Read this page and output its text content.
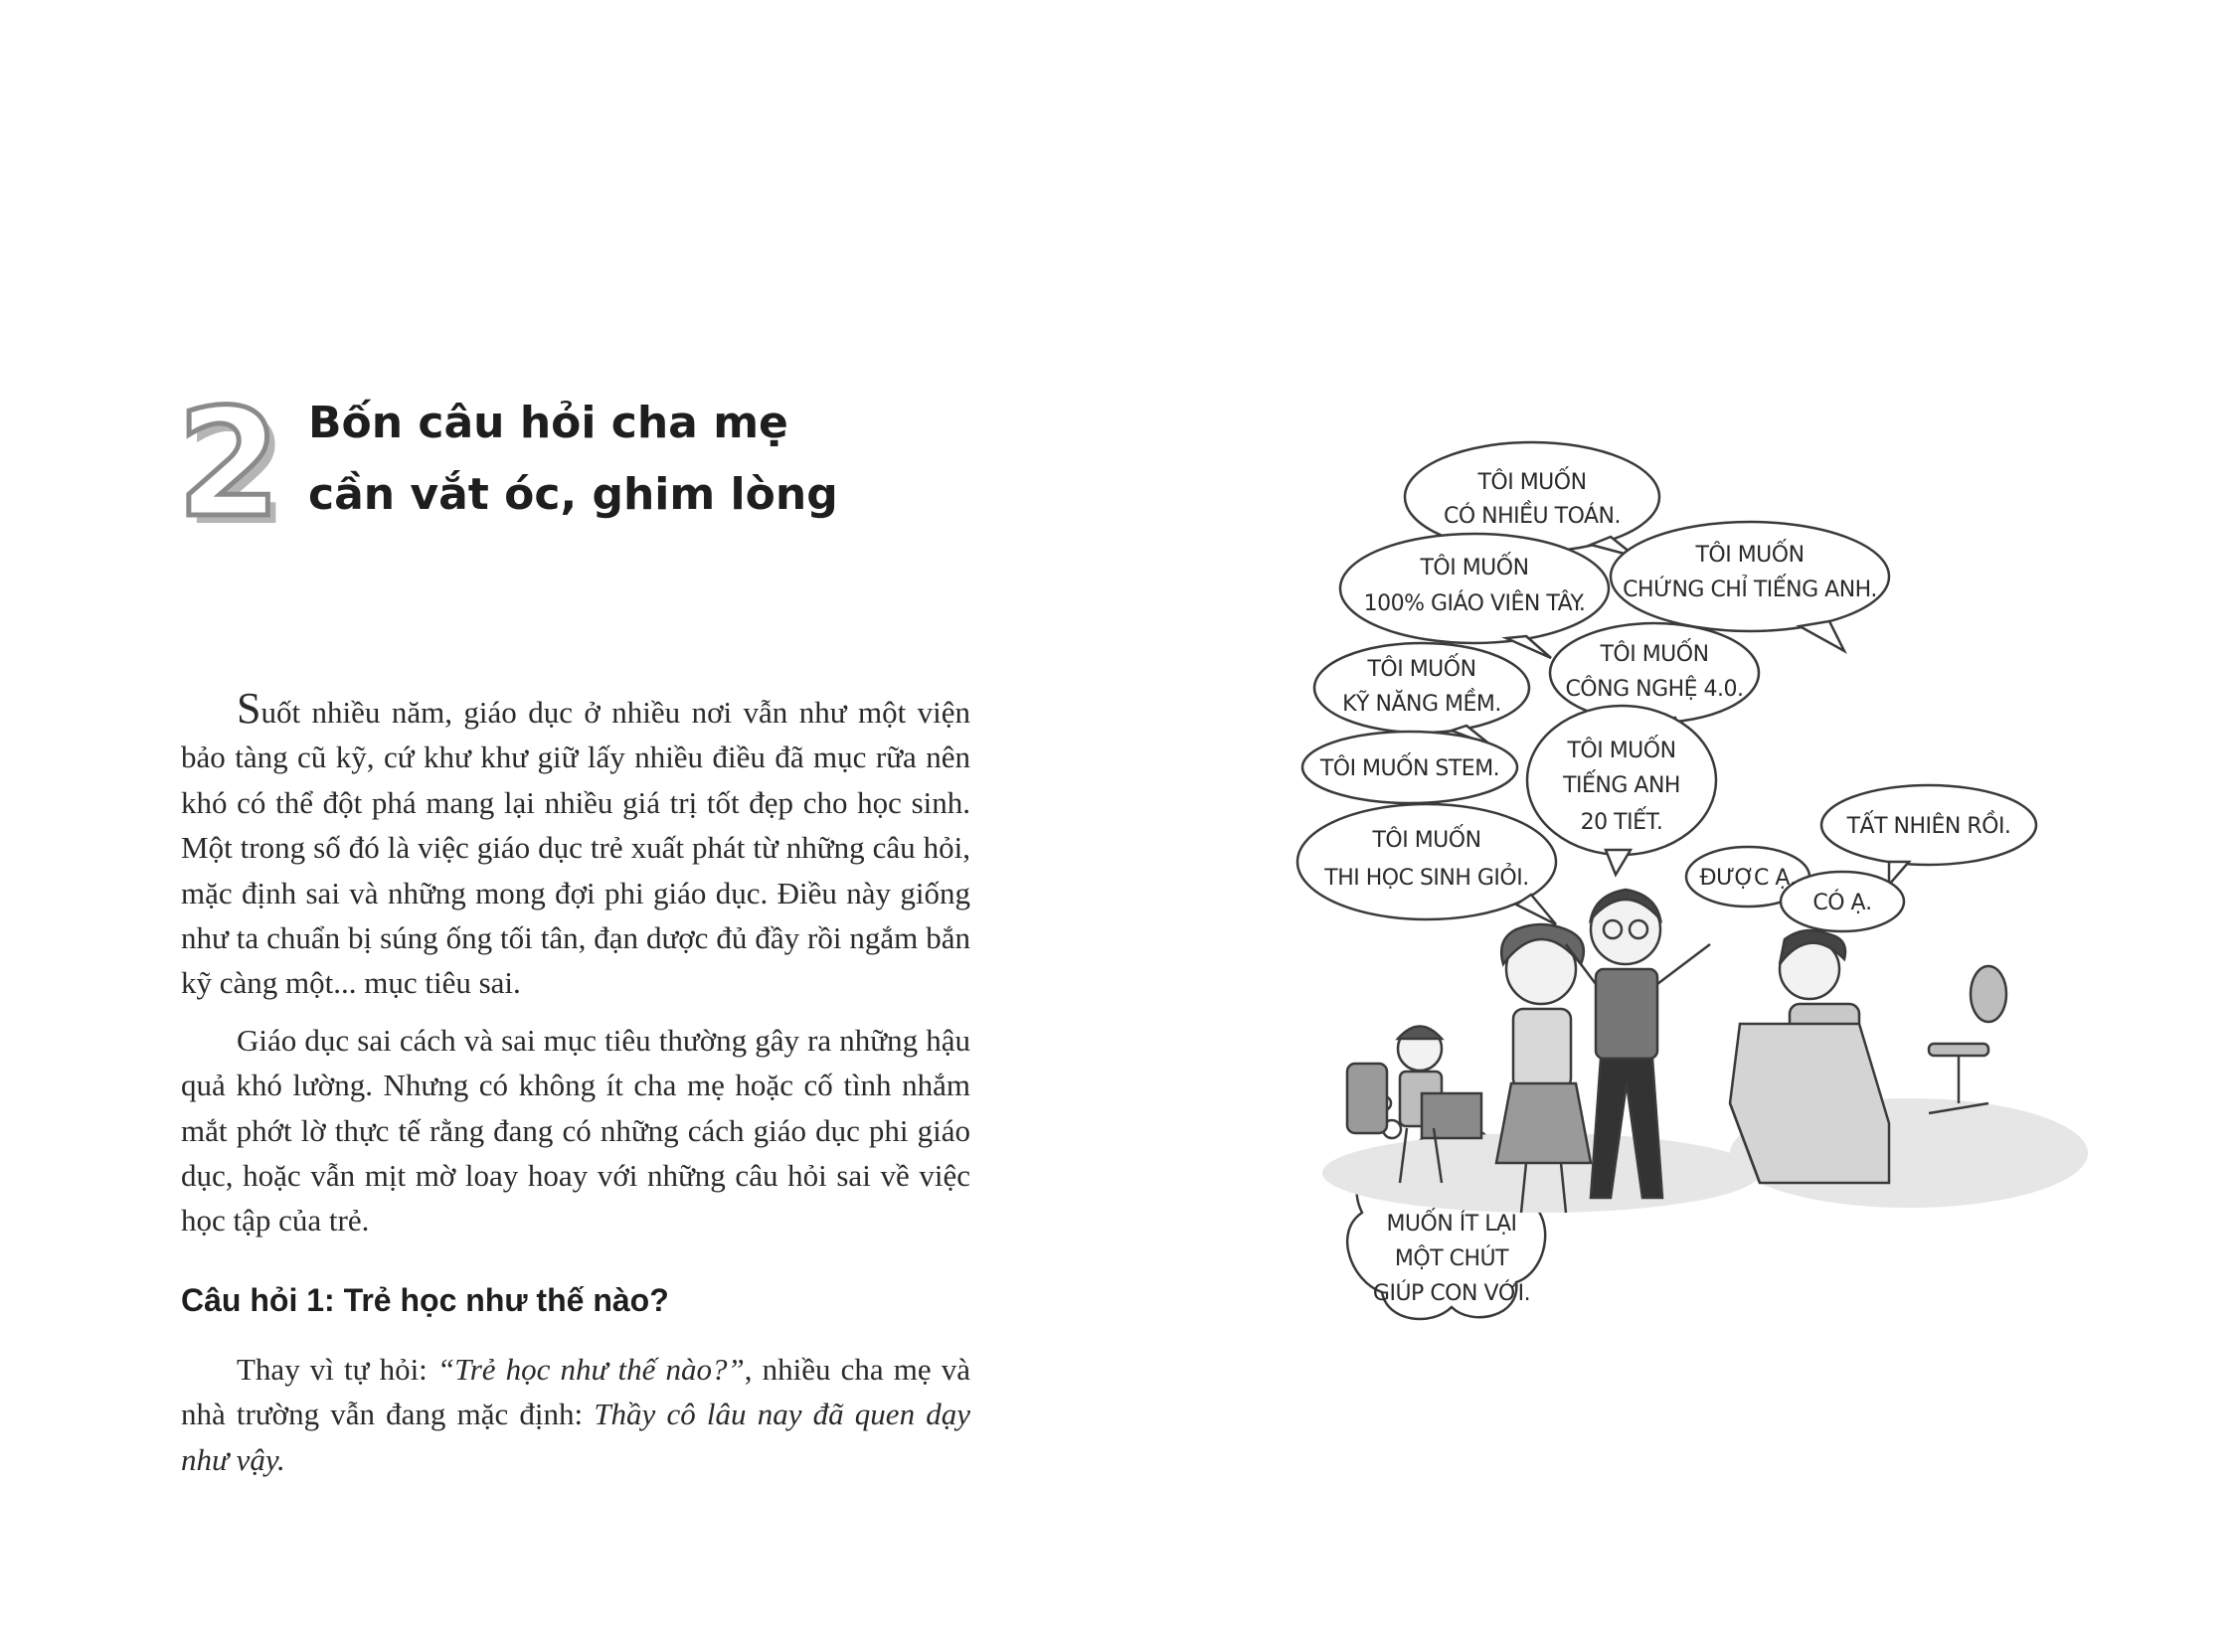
2 Bốn câu hỏi cha mẹ
cần vắt óc, ghim lòng

Suốt nhiều năm, giáo dục ở nhiều nơi vẫn như một viện bảo tàng cũ kỹ, cứ khư khư giữ lấy nhiều điều đã mục rữa nên khó có thể đột phá mang lại nhiều giá trị tốt đẹp cho học sinh. Một trong số đó là việc giáo dục trẻ xuất phát từ những câu hỏi, mặc định sai và những mong đợi phi giáo dục. Điều này giống như ta chuẩn bị súng ống tối tân, đạn dược đủ đầy rồi ngắm bắn kỹ càng một... mục tiêu sai.

Giáo dục sai cách và sai mục tiêu thường gây ra những hậu quả khó lường. Nhưng có không ít cha mẹ hoặc cố tình nhắm mắt phớt lờ thực tế rằng đang có những cách giáo dục phi giáo dục, hoặc vẫn mịt mờ loay hoay với những câu hỏi sai về việc học tập của trẻ.

Câu hỏi 1: Trẻ học như thế nào?

Thay vì tự hỏi: “Trẻ học như thế nào?”, nhiều cha mẹ và nhà trường vẫn đang mặc định: Thầy cô lâu nay đã quen dạy như vậy.

TÔI MUỐN
CÓ NHIỀU TOÁN.
TÔI MUỐN
CHỨNG CHỈ TIẾNG ANH.
TÔI MUỐN
100% GIÁO VIÊN TÂY.
TÔI MUỐN
CÔNG NGHỆ 4.0.
TÔI MUỐN
KỸ NĂNG MỀM.
TÔI MUỐN STEM.
TÔI MUỐN
TIẾNG ANH
20 TIẾT.
TÔI MUỐN
THI HỌC SINH GIỎI.
TẤT NHIÊN RỒI.
ĐƯỢC Ạ.
CÓ Ạ.
MUỐN ÍT LẠI
MỘT CHÚT
GIÚP CON VỚI.
